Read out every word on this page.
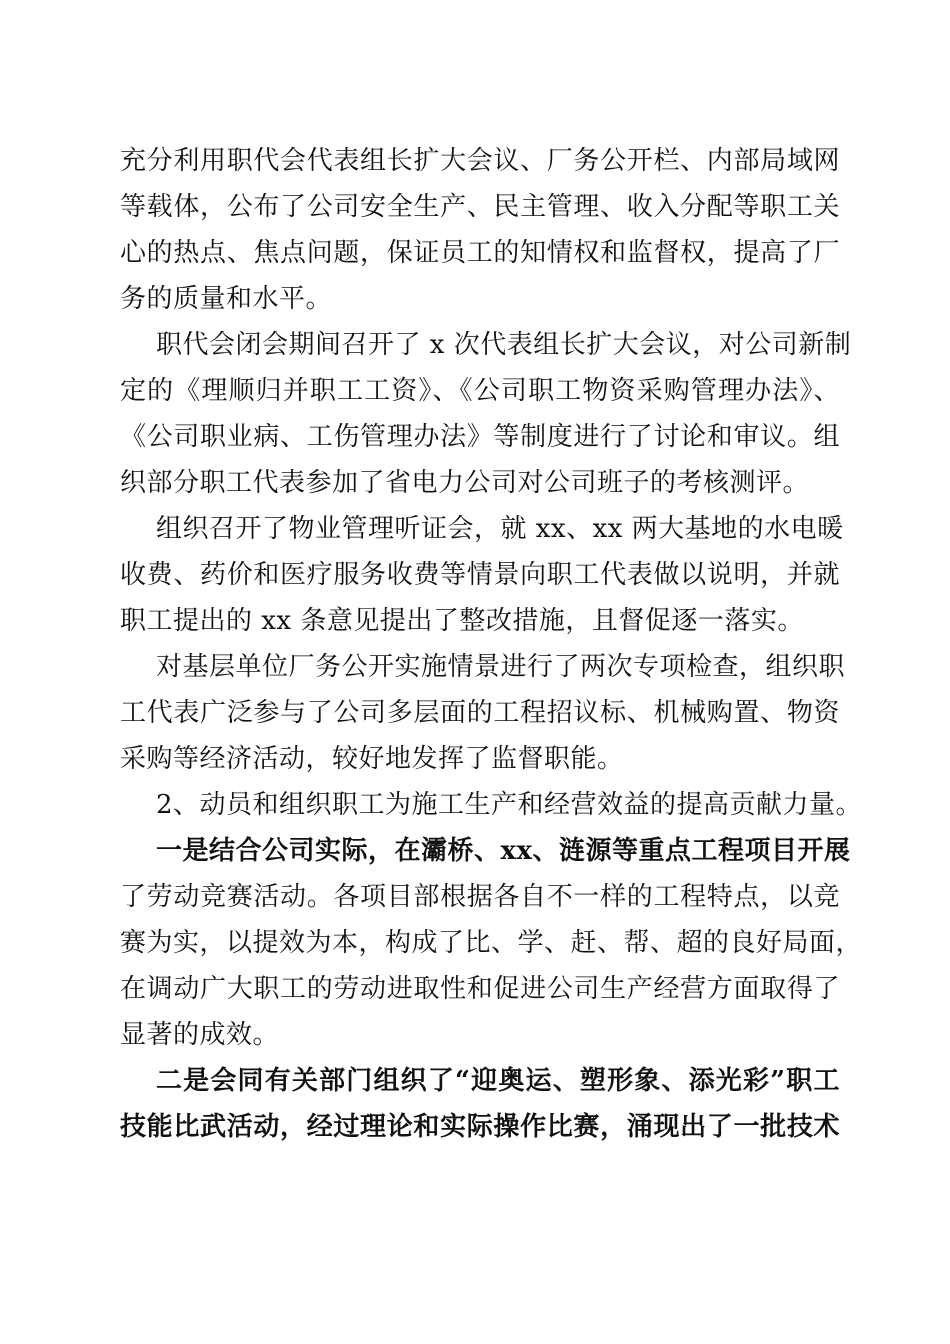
充分利用职代会代表组长扩大会议、厂务公开栏、内部局域网
等载体，公布了公司安全生产、民主管理、收入分配等职工关
心的热点、焦点问题，保证员工的知情权和监督权，提高了厂
务的质量和水平。
职代会闭会期间召开了 x 次代表组长扩大会议，对公司新制
定的《理顺归并职工工资》、《公司职工物资采购管理办法》、
《公司职业病、工伤管理办法》等制度进行了讨论和审议。组
织部分职工代表参加了省电力公司对公司班子的考核测评。
组织召开了物业管理听证会，就 xx、xx 两大基地的水电暖
收费、药价和医疗服务收费等情景向职工代表做以说明，并就
职工提出的 xx 条意见提出了整改措施，且督促逐一落实。
对基层单位厂务公开实施情景进行了两次专项检查，组织职
工代表广泛参与了公司多层面的工程招议标、机械购置、物资
采购等经济活动，较好地发挥了监督职能。
2、动员和组织职工为施工生产和经营效益的提高贡献力量。
一是结合公司实际，在灞桥、xx、涟源等重点工程项目开展
了劳动竞赛活动。各项目部根据各自不一样的工程特点，以竞
赛为实，以提效为本，构成了比、学、赶、帮、超的良好局面，
在调动广大职工的劳动进取性和促进公司生产经营方面取得了
显著的成效。
二是会同有关部门组织了“迎奥运、塑形象、添光彩”职工
技能比武活动，经过理论和实际操作比赛，涌现出了一批技术
